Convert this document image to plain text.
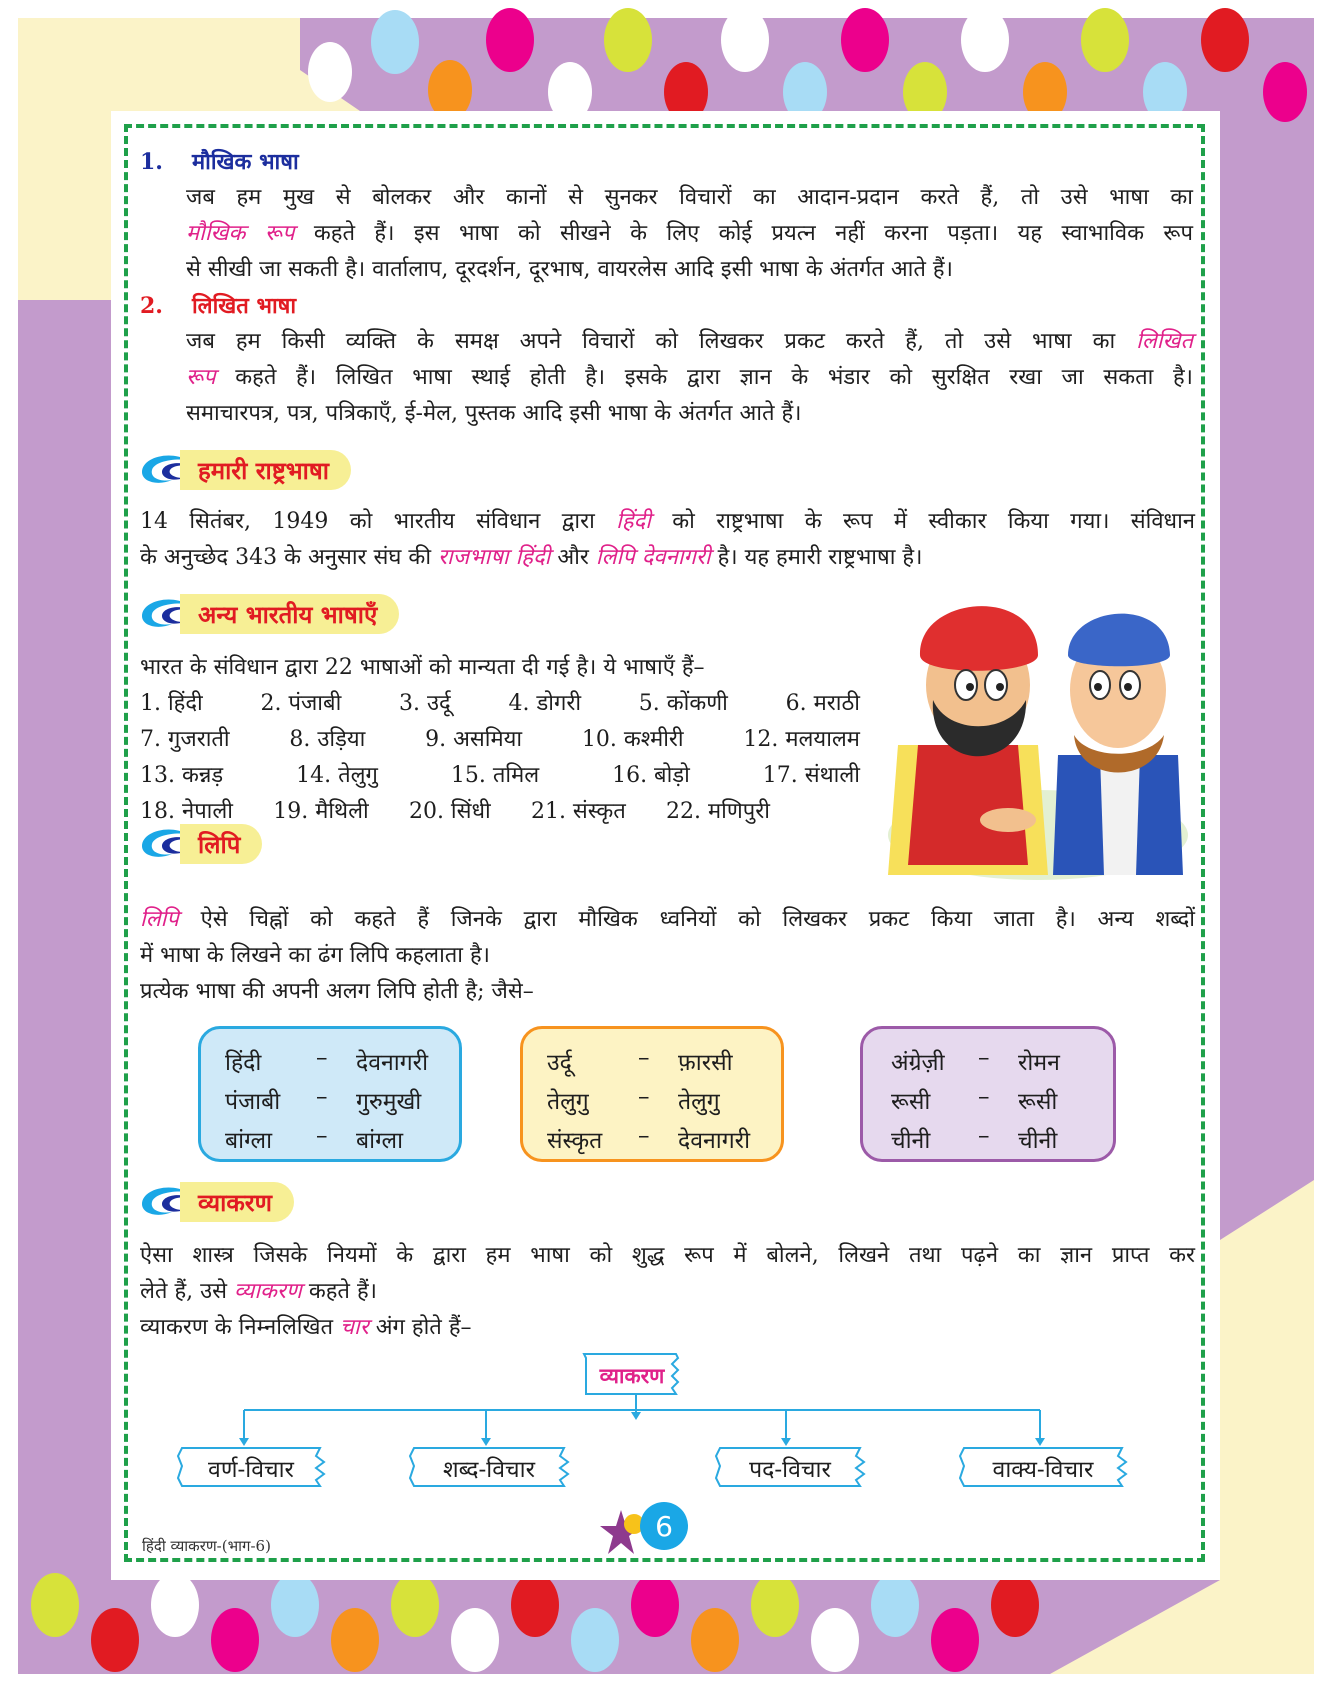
1. मौखिक भाषा
जब हम मुख से बोलकर और कानों से सुनकर विचारों का आदान-प्रदान करते हैं, तो उसे भाषा का
मौखिक रूप कहते हैं। इस भाषा को सीखने के लिए कोई प्रयत्न नहीं करना पड़ता। यह स्वाभाविक रूप
से सीखी जा सकती है। वार्तालाप, दूरदर्शन, दूरभाष, वायरलेस आदि इसी भाषा के अंतर्गत आते हैं।
2. लिखित भाषा
जब हम किसी व्यक्ति के समक्ष अपने विचारों को लिखकर प्रकट करते हैं, तो उसे भाषा का लिखित
रूप कहते हैं। लिखित भाषा स्थाई होती है। इसके द्वारा ज्ञान के भंडार को सुरक्षित रखा जा सकता है।
समाचारपत्र, पत्र, पत्रिकाएँ, ई-मेल, पुस्तक आदि इसी भाषा के अंतर्गत आते हैं।
हमारी राष्ट्रभाषा
14 सितंबर, 1949 को भारतीय संविधान द्वारा हिंदी को राष्ट्रभाषा के रूप में स्वीकार किया गया। संविधान
के अनुच्छेद 343 के अनुसार संघ की राजभाषा हिंदी और लिपि देवनागरी है। यह हमारी राष्ट्रभाषा है।
अन्य भारतीय भाषाएँ
भारत के संविधान द्वारा 22 भाषाओं को मान्यता दी गई है। ये भाषाएँ हैं–
1. हिंदी	2. पंजाबी	3. उर्दू	4. डोगरी	5. कोंकणी	6. मराठी
7. गुजराती	8. उड़िया	9. असमिया	10. कश्मीरी	12. मलयालम
13. कन्नड़	14. तेलुगु	15. तमिल	16. बोड़ो	17. संथाली
18. नेपाली 19. मैथिली 20. सिंधी 21. संस्कृत 22. मणिपुरी
लिपि
लिपि ऐसे चिह्नों को कहते हैं जिनके द्वारा मौखिक ध्वनियों को लिखकर प्रकट किया जाता है। अन्य शब्दों
में भाषा के लिखने का ढंग लिपि कहलाता है।
प्रत्येक भाषा की अपनी अलग लिपि होती है; जैसे–
हिंदी – देवनागरी
पंजाबी – गुरुमुखी
बांग्ला – बांग्ला
उर्दू	– फ़ारसी
तेलुगु – तेलुगु
संस्कृत – देवनागरी
अंग्रेज़ी – रोमन
रूसी – रूसी
चीनी – चीनी
व्याकरण
ऐसा शास्त्र जिसके नियमों के द्वारा हम भाषा को शुद्ध रूप में बोलने, लिखने तथा पढ़ने का ज्ञान प्राप्त कर
लेते हैं, उसे व्याकरण कहते हैं।
व्याकरण के निम्नलिखित चार अंग होते हैं–
व्याकरण
वर्ण-विचार	शब्द-विचार	पद-विचार	वाक्य-विचार
हिंदी व्याकरण-(भाग-6)
6
